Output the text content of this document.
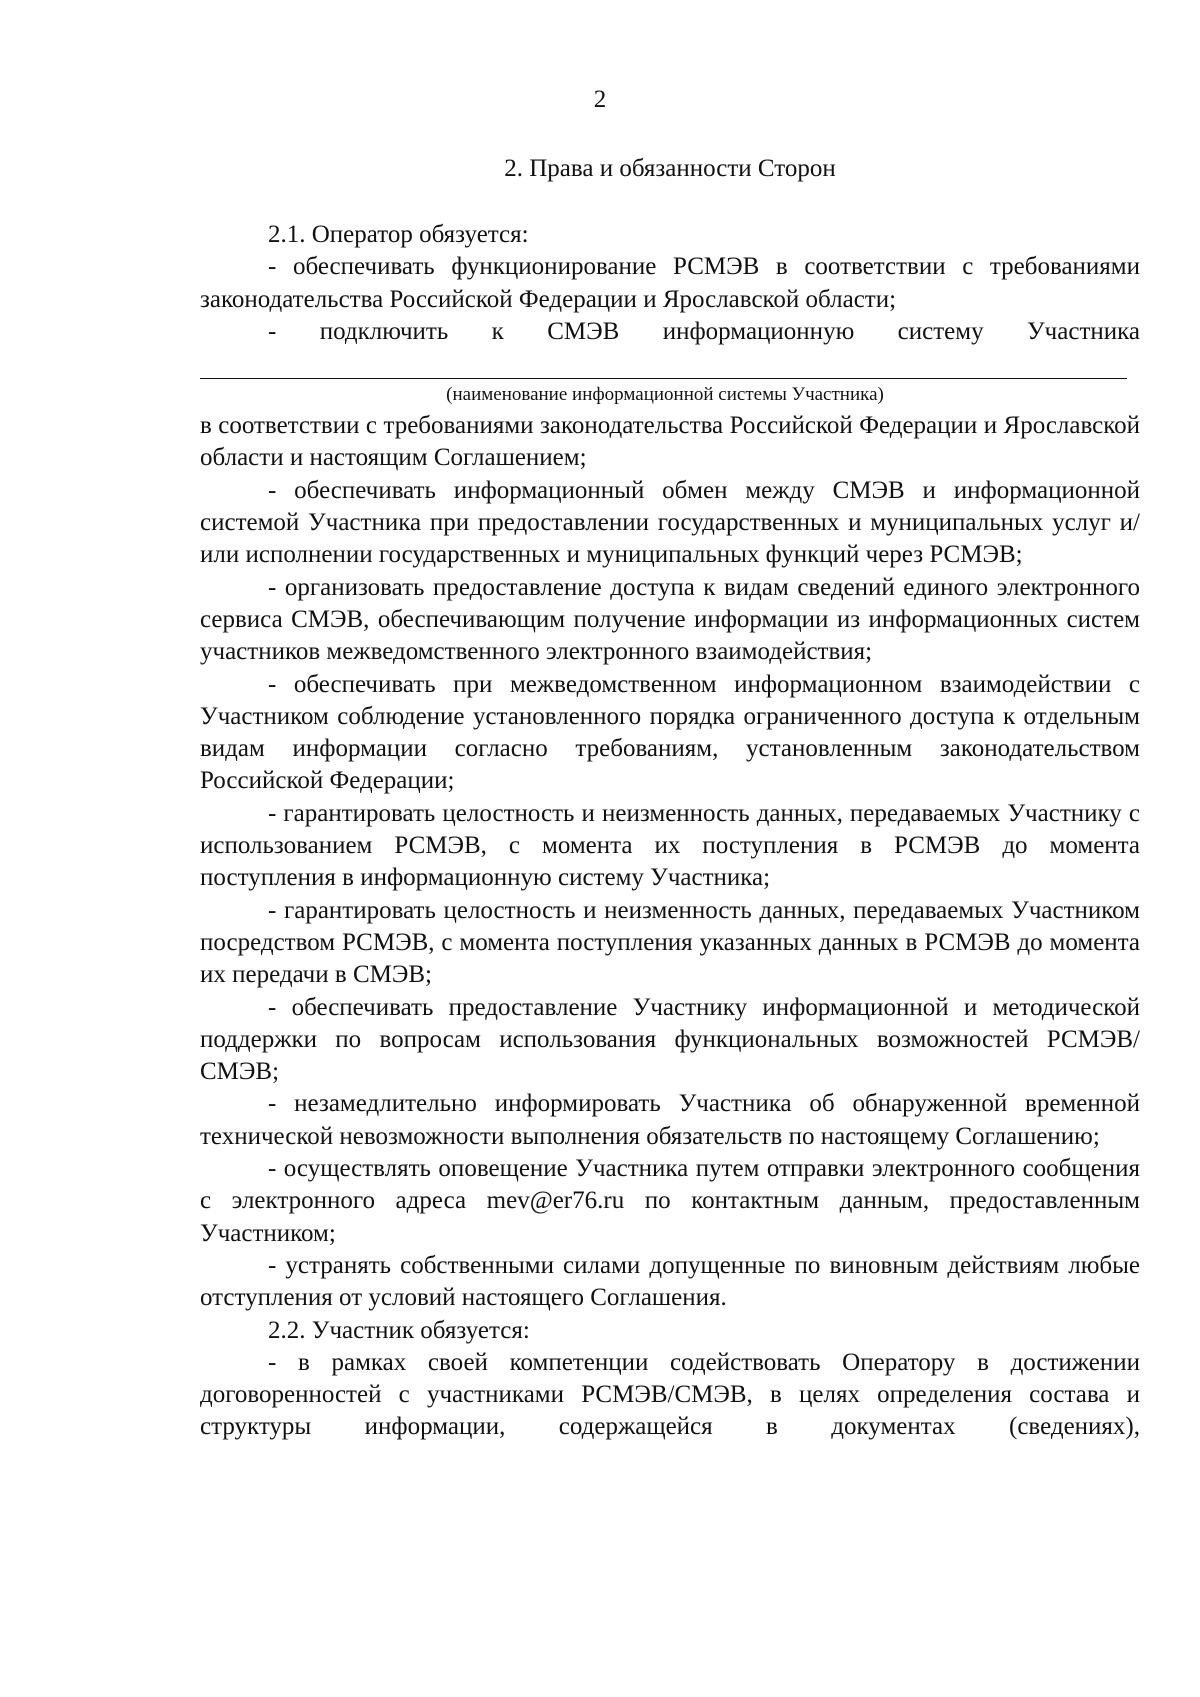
2
2. Права и обязанности Сторон

2.1. Оператор обязуется:

- обеспечивать функционирование РСМЭВ в соответствии с требованиями законодательства Российской Федерации и Ярославской области;

- подключить к СМЭВ информационную систему Участника

(наименование информационной системы Участника)

в соответствии с требованиями законодательства Российской Федерации и Ярославской области и настоящим Соглашением;

- обеспечивать информационный обмен между СМЭВ и информационной системой Участника при предоставлении государственных и муниципальных услуг и/или исполнении государственных и муниципальных функций через РСМЭВ;

- организовать предоставление доступа к видам сведений единого электронного сервиса СМЭВ, обеспечивающим получение информации из информационных систем участников межведомственного электронного взаимодействия;

- обеспечивать при межведомственном информационном взаимодействии с Участником соблюдение установленного порядка ограниченного доступа к отдельным видам информации согласно требованиям, установленным законодательством Российской Федерации;

- гарантировать целостность и неизменность данных, передаваемых Участнику с использованием РСМЭВ, с момента их поступления в РСМЭВ до момента поступления в информационную систему Участника;

- гарантировать целостность и неизменность данных, передаваемых Участником посредством РСМЭВ, с момента поступления указанных данных в РСМЭВ до момента их передачи в СМЭВ;

- обеспечивать предоставление Участнику информационной и методической поддержки по вопросам использования функциональных возможностей РСМЭВ/СМЭВ;

- незамедлительно информировать Участника об обнаруженной временной технической невозможности выполнения обязательств по настоящему Соглашению;

- осуществлять оповещение Участника путем отправки электронного сообщения с электронного адреса mev@er76.ru по контактным данным, предоставленным Участником;

- устранять собственными силами допущенные по виновным действиям любые отступления от условий настоящего Соглашения.

2.2. Участник обязуется:

- в рамках своей компетенции содействовать Оператору в достижении договоренностей с участниками РСМЭВ/СМЭВ, в целях определения состава и структуры информации, содержащейся в документах (сведениях),
